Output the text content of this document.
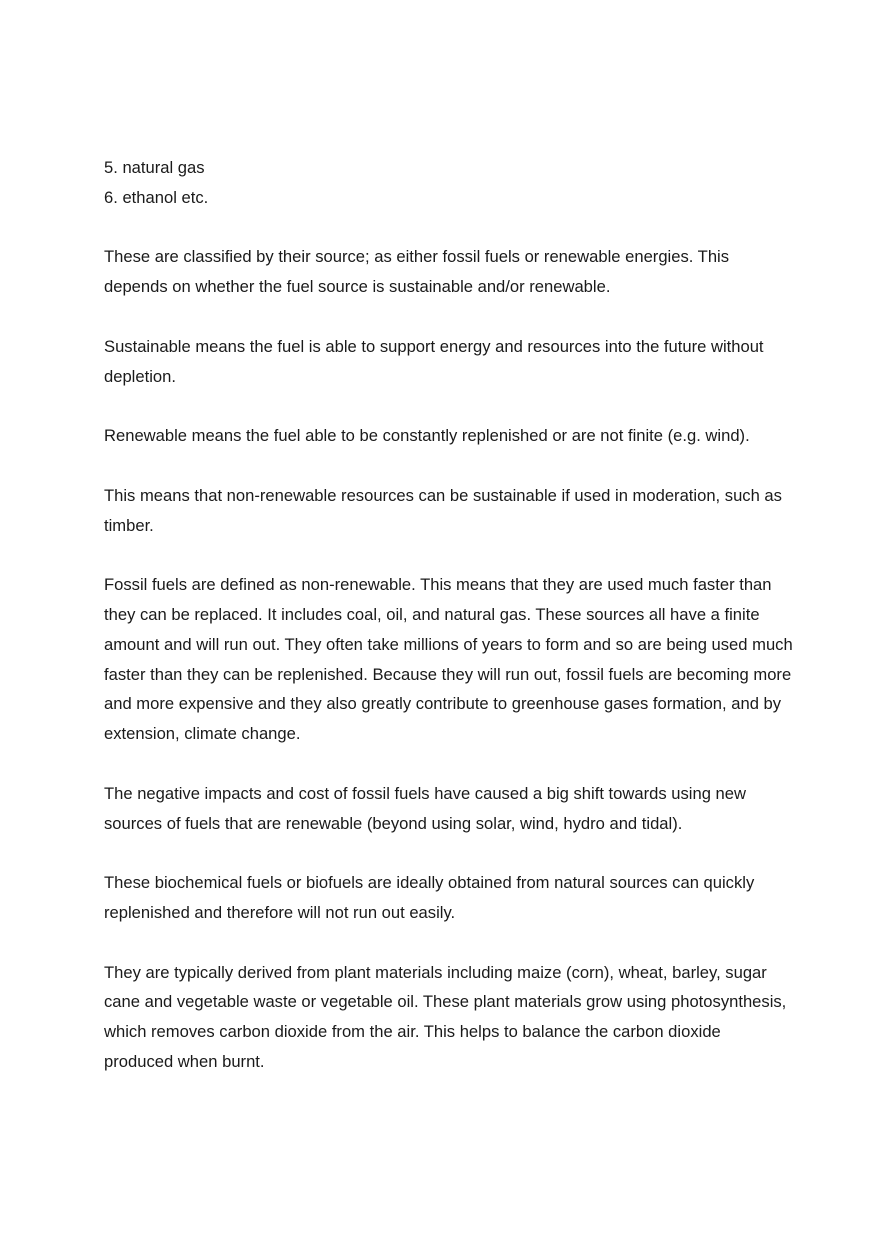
5. natural gas

6. ethanol etc.

These are classified by their source; as either fossil fuels or renewable energies. This depends on whether the fuel source is sustainable and/or renewable.

Sustainable means the fuel is able to support energy and resources into the future without depletion.

Renewable means the fuel able to be constantly replenished or are not finite (e.g. wind).

This means that non-renewable resources can be sustainable if used in moderation, such as timber.

Fossil fuels are defined as non-renewable. This means that they are used much faster than they can be replaced. It includes coal, oil, and natural gas. These sources all have a finite amount and will run out. They often take millions of years to form and so are being used much faster than they can be replenished. Because they will run out, fossil fuels are becoming more and more expensive and they also greatly contribute to greenhouse gases formation, and by extension, climate change.

The negative impacts and cost of fossil fuels have caused a big shift towards using new sources of fuels that are renewable (beyond using solar, wind, hydro and tidal).

These biochemical fuels or biofuels are ideally obtained from natural sources can quickly replenished and therefore will not run out easily.

They are typically derived from plant materials including maize (corn), wheat, barley, sugar cane and vegetable waste or vegetable oil. These plant materials grow using photosynthesis, which removes carbon dioxide from the air. This helps to balance the carbon dioxide produced when burnt.
